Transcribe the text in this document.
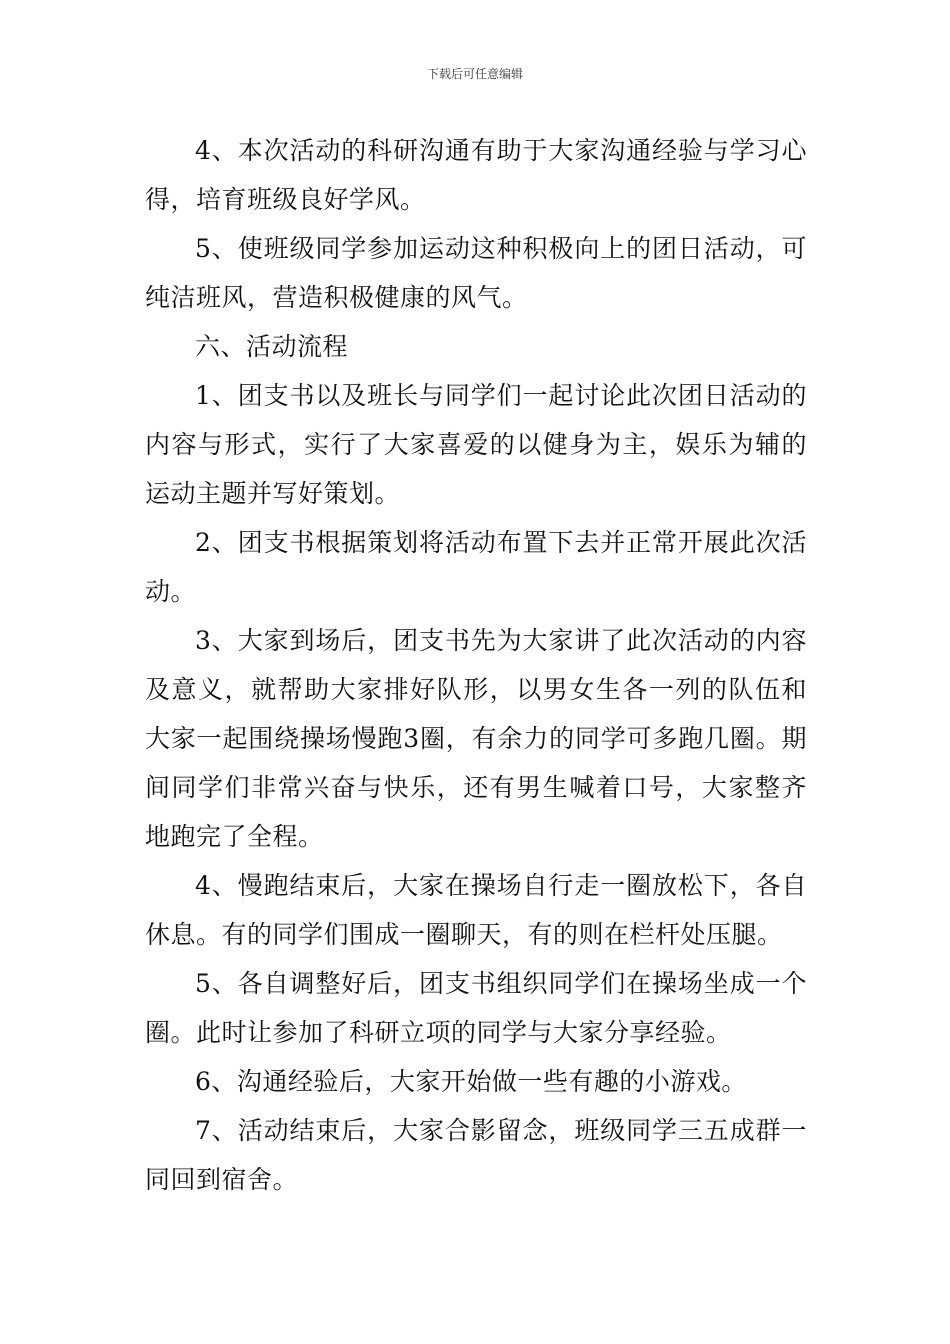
下载后可任意编辑

4、本次活动的科研沟通有助于大家沟通经验与学习心得，培育班级良好学风。

5、使班级同学参加运动这种积极向上的团日活动，可纯洁班风，营造积极健康的风气。

六、活动流程

1、团支书以及班长与同学们一起讨论此次团日活动的内容与形式，实行了大家喜爱的以健身为主，娱乐为辅的运动主题并写好策划。

2、团支书根据策划将活动布置下去并正常开展此次活动。

3、大家到场后，团支书先为大家讲了此次活动的内容及意义，就帮助大家排好队形，以男女生各一列的队伍和大家一起围绕操场慢跑3圈，有余力的同学可多跑几圈。期间同学们非常兴奋与快乐，还有男生喊着口号，大家整齐地跑完了全程。

4、慢跑结束后，大家在操场自行走一圈放松下，各自休息。有的同学们围成一圈聊天，有的则在栏杆处压腿。

5、各自调整好后，团支书组织同学们在操场坐成一个圈。此时让参加了科研立项的同学与大家分享经验。

6、沟通经验后，大家开始做一些有趣的小游戏。

7、活动结束后，大家合影留念，班级同学三五成群一同回到宿舍。
